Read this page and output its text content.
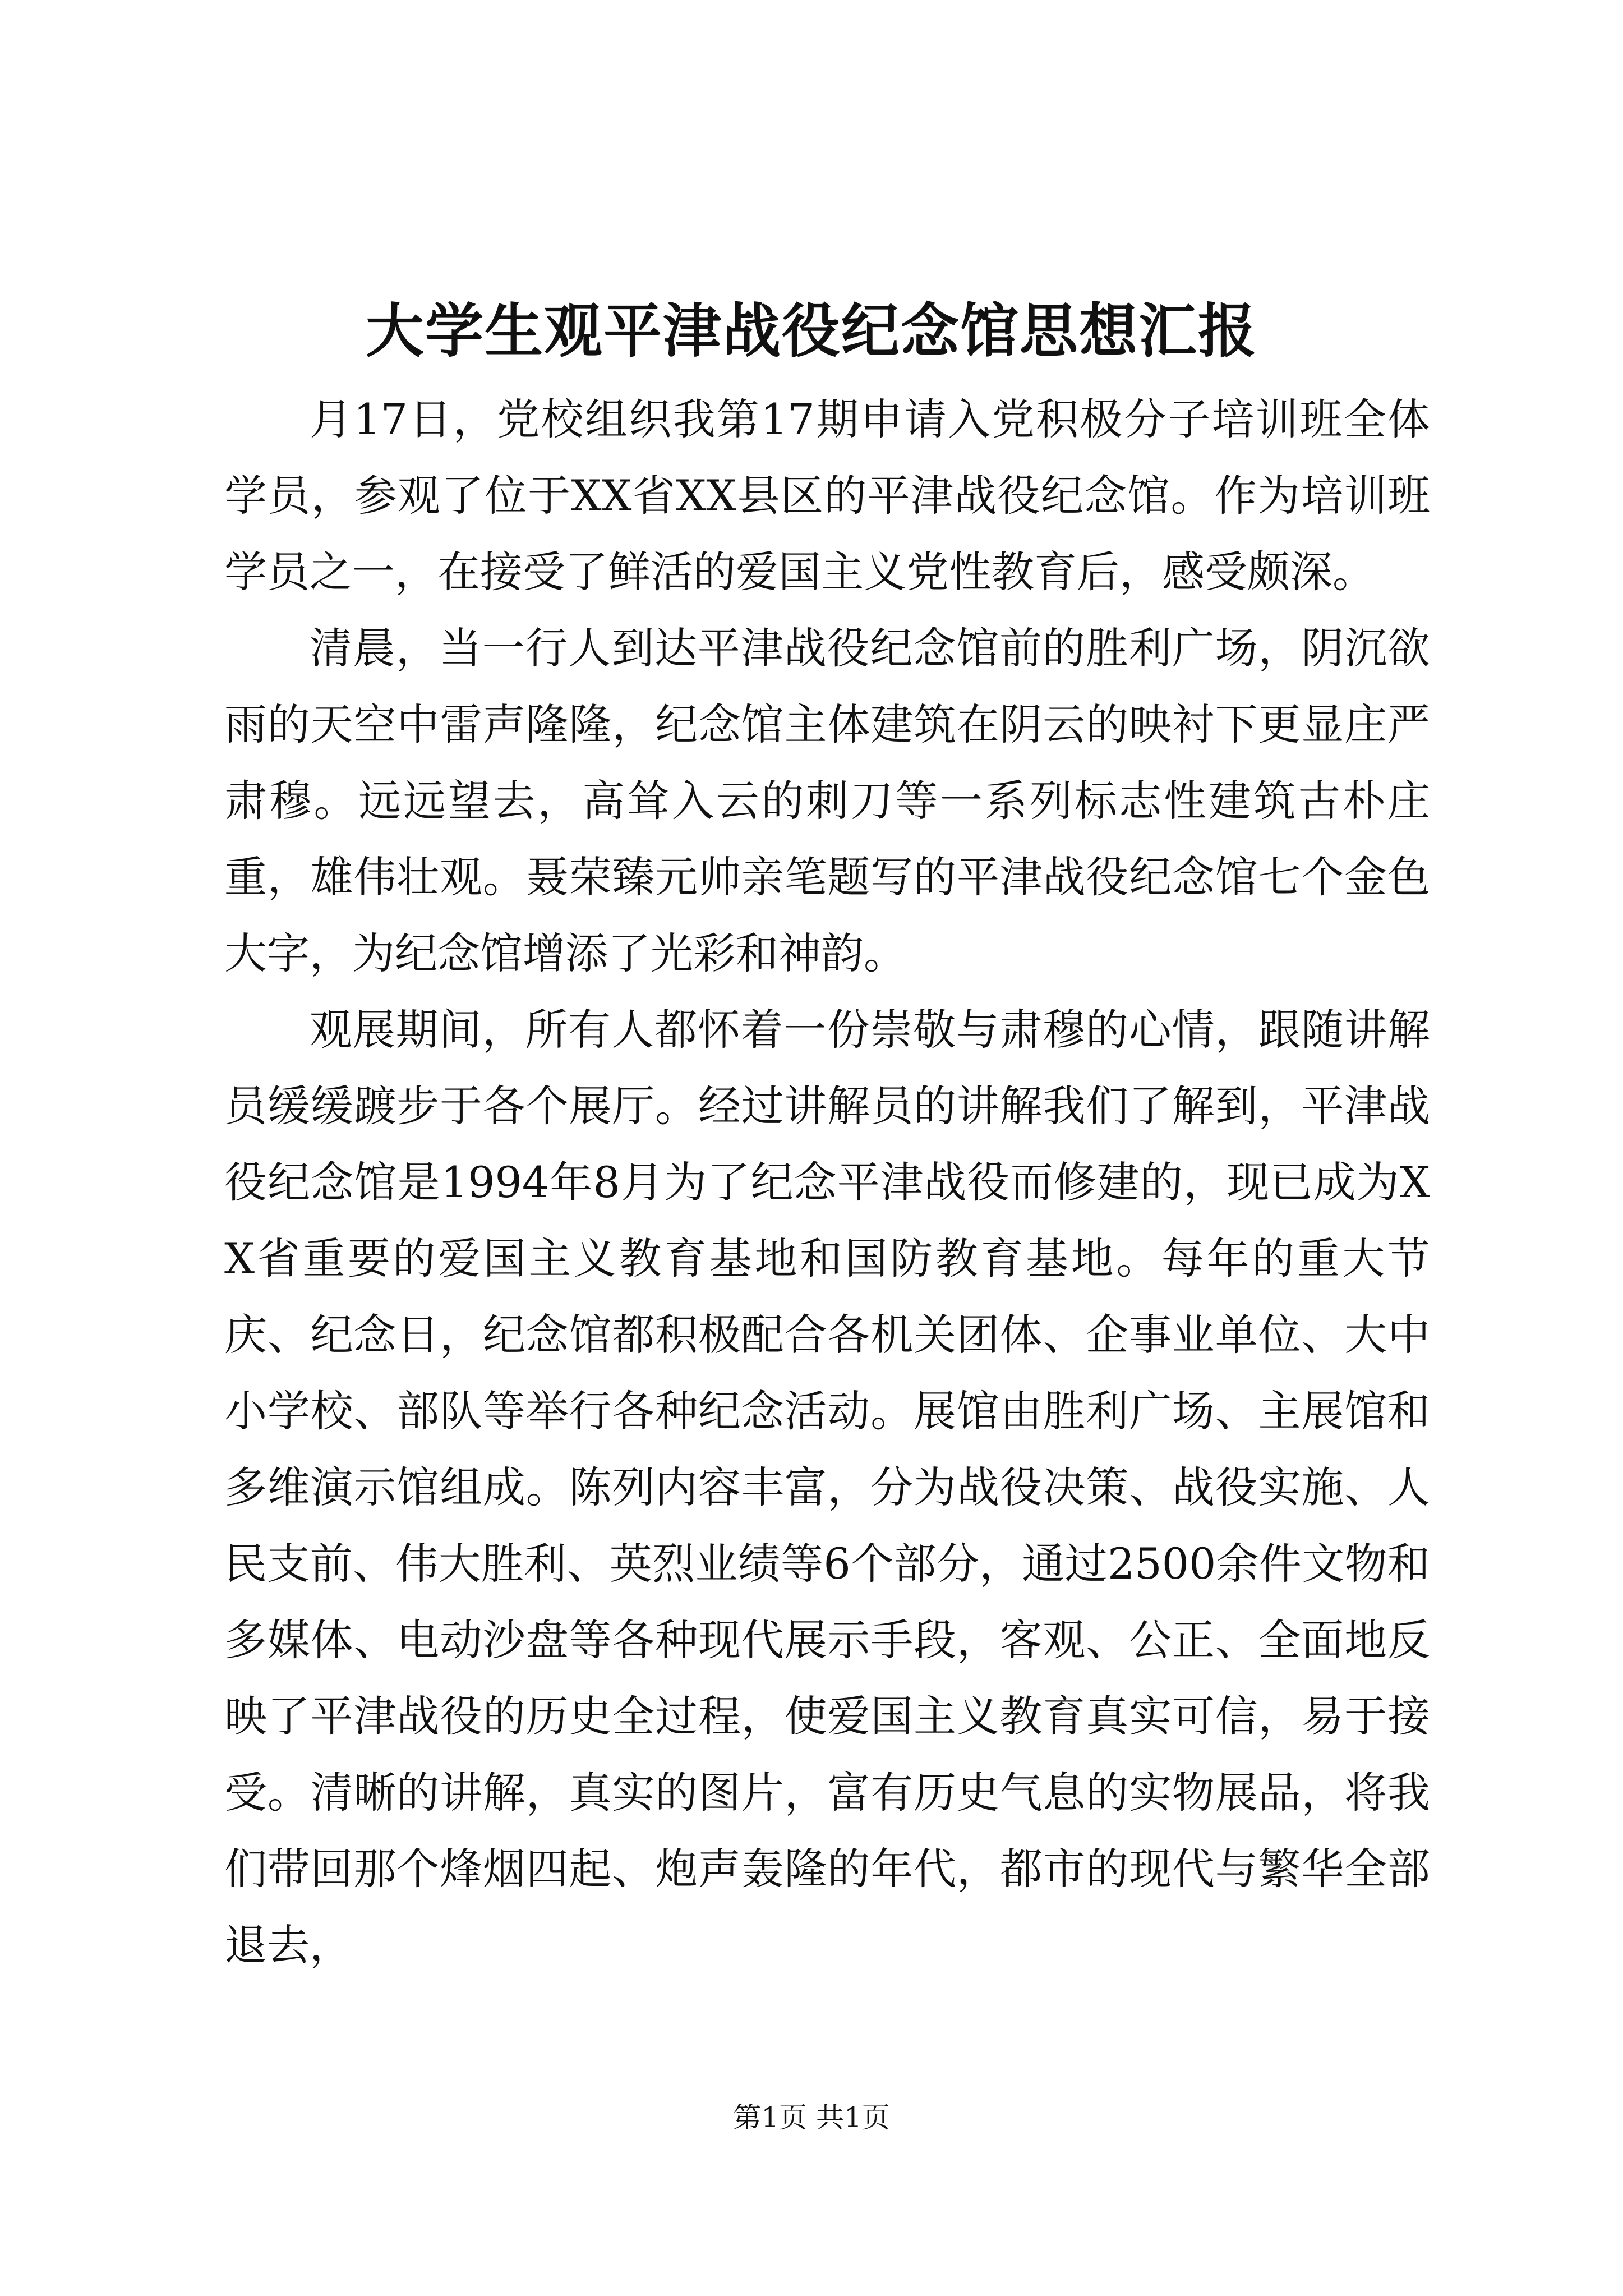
大学生观平津战役纪念馆思想汇报

月17日，党校组织我第17期申请入党积极分子培训班全体学员，参观了位于XX省XX县区的平津战役纪念馆。作为培训班学员之一，在接受了鲜活的爱国主义党性教育后，感受颇深。

清晨，当一行人到达平津战役纪念馆前的胜利广场，阴沉欲雨的天空中雷声隆隆，纪念馆主体建筑在阴云的映衬下更显庄严肃穆。远远望去，高耸入云的刺刀等一系列标志性建筑古朴庄重，雄伟壮观。聂荣臻元帅亲笔题写的平津战役纪念馆七个金色大字，为纪念馆增添了光彩和神韵。

观展期间，所有人都怀着一份崇敬与肃穆的心情，跟随讲解员缓缓踱步于各个展厅。经过讲解员的讲解我们了解到，平津战役纪念馆是1994年8月为了纪念平津战役而修建的，现已成为XX省重要的爱国主义教育基地和国防教育基地。每年的重大节庆、纪念日，纪念馆都积极配合各机关团体、企事业单位、大中小学校、部队等举行各种纪念活动。展馆由胜利广场、主展馆和多维演示馆组成。陈列内容丰富，分为战役决策、战役实施、人民支前、伟大胜利、英烈业绩等6个部分，通过2500余件文物和多媒体、电动沙盘等各种现代展示手段，客观、公正、全面地反映了平津战役的历史全过程，使爱国主义教育真实可信，易于接受。清晰的讲解，真实的图片，富有历史气息的实物展品，将我们带回那个烽烟四起、炮声轰隆的年代，都市的现代与繁华全部退去，

第1页 共1页
